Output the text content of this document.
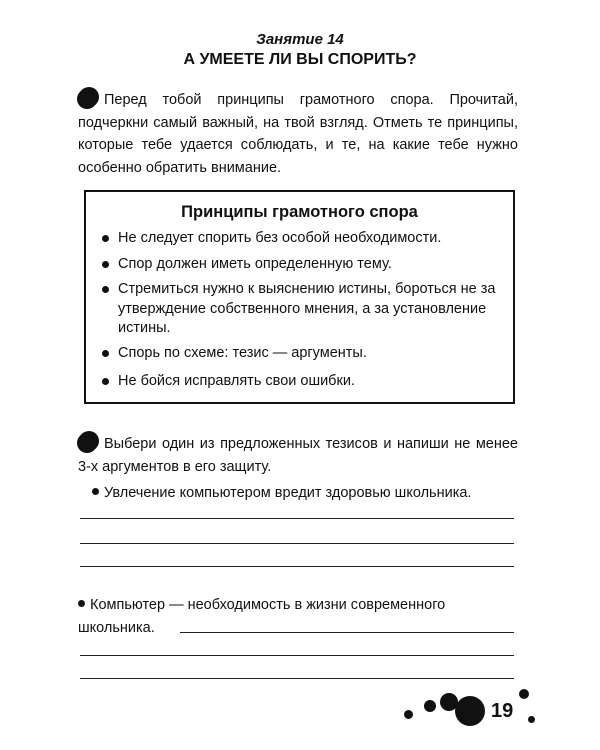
Занятие 14
А УМЕЕТЕ ЛИ ВЫ СПОРИТЬ?
Перед тобой принципы грамотного спора. Прочитай, подчеркни самый важный, на твой взгляд. Отметь те принципы, которые тебе удается соблюдать, и те, на какие тебе нужно особенно обратить внимание.
Принципы грамотного спора
Не следует спорить без особой необходимости.
Спор должен иметь определенную тему.
Стремиться нужно к выяснению истины, бороться не за утверждение собственного мнения, а за установление истины.
Спорь по схеме: тезис — аргументы.
Не бойся исправлять свои ошибки.
Выбери один из предложенных тезисов и напиши не менее 3-х аргументов в его защиту.
Увлечение компьютером вредит здоровью школьника.
Компьютер — необходимость в жизни современного школьника.
19
